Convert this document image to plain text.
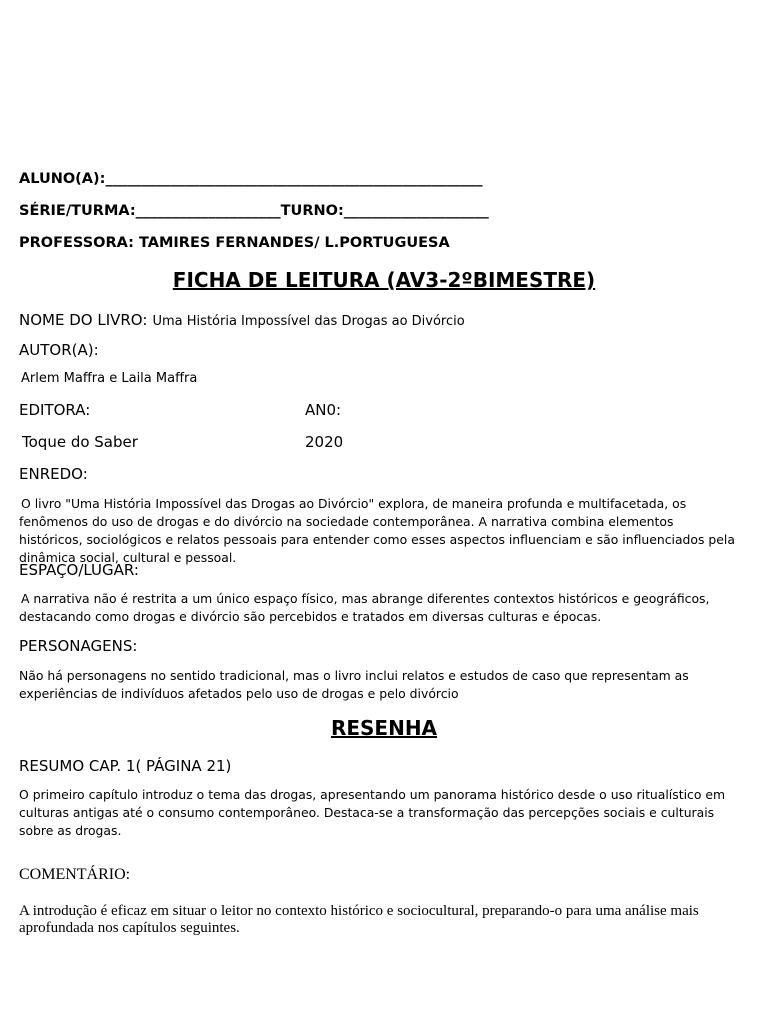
ALUNO(A):____________________________________________________
SÉRIE/TURMA:____________________TURNO:____________________
PROFESSORA: TAMIRES FERNANDES/ L.PORTUGUESA
FICHA DE LEITURA (AV3-2ºBIMESTRE)
NOME DO LIVRO: Uma História Impossível das Drogas ao Divórcio
AUTOR(A):
Arlem Maffra e Laila Maffra
EDITORA:	AN0:
Toque do Saber	2020
ENREDO:
O livro "Uma História Impossível das Drogas ao Divórcio" explora, de maneira profunda e multifacetada, os fenômenos do uso de drogas e do divórcio na sociedade contemporânea. A narrativa combina elementos históricos, sociológicos e relatos pessoais para entender como esses aspectos influenciam e são influenciados pela dinâmica social, cultural e pessoal.
ESPAÇO/LUGAR:
A narrativa não é restrita a um único espaço físico, mas abrange diferentes contextos históricos e geográficos, destacando como drogas e divórcio são percebidos e tratados em diversas culturas e épocas.
PERSONAGENS:
Não há personagens no sentido tradicional, mas o livro inclui relatos e estudos de caso que representam as experiências de indivíduos afetados pelo uso de drogas e pelo divórcio
RESENHA
RESUMO CAP. 1( PÁGINA 21)
O primeiro capítulo introduz o tema das drogas, apresentando um panorama histórico desde o uso ritualístico em culturas antigas até o consumo contemporâneo. Destaca-se a transformação das percepções sociais e culturais sobre as drogas.
COMENTÁRIO:
A introdução é eficaz em situar o leitor no contexto histórico e sociocultural, preparando-o para uma análise mais aprofundada nos capítulos seguintes.
